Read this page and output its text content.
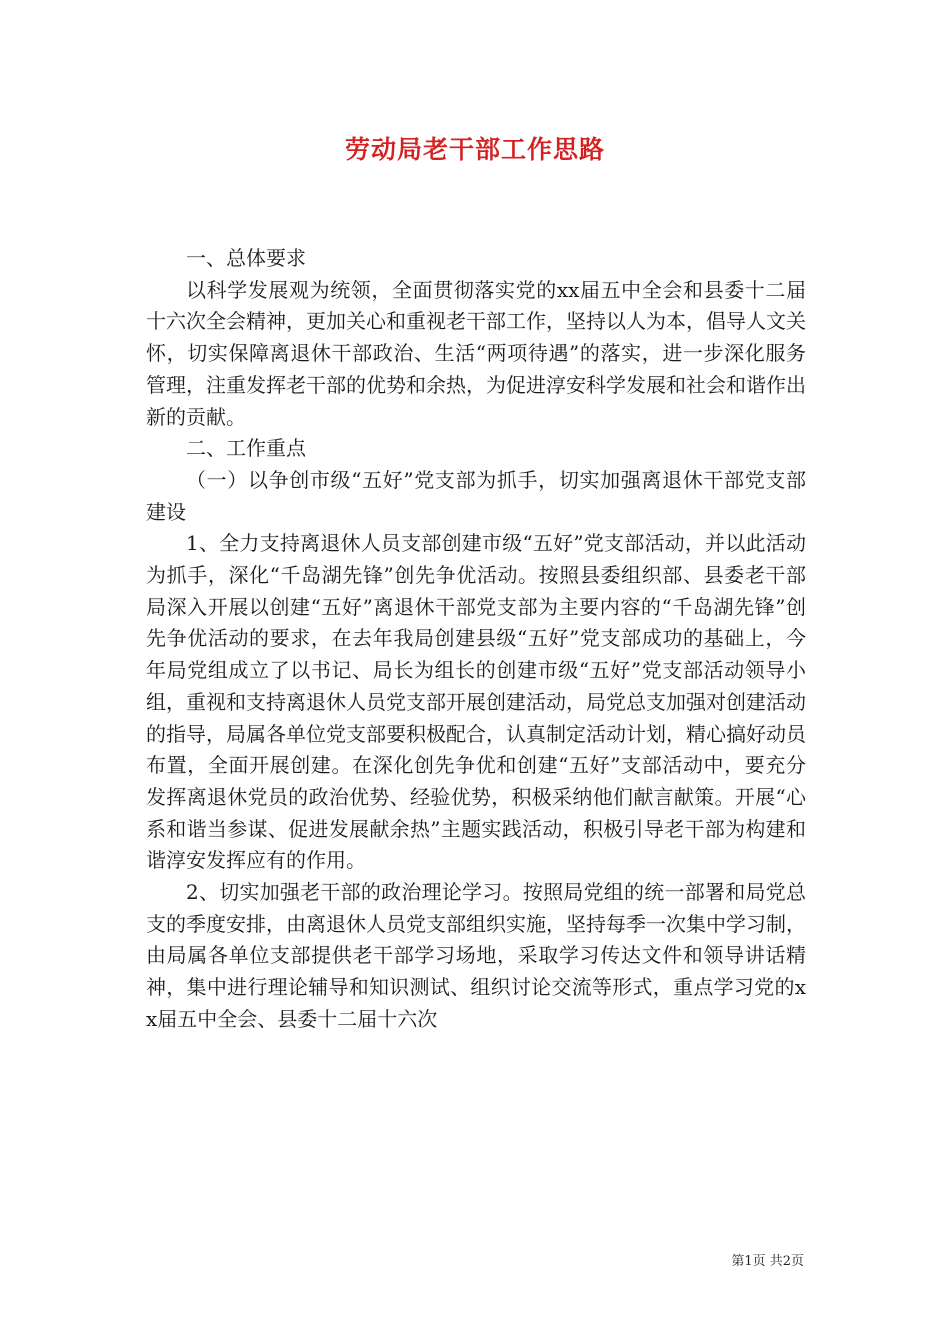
劳动局老干部工作思路

一、总体要求

以科学发展观为统领，全面贯彻落实党的xx届五中全会和县委十二届十六次全会精神，更加关心和重视老干部工作，坚持以人为本，倡导人文关怀，切实保障离退休干部政治、生活“两项待遇”的落实，进一步深化服务管理，注重发挥老干部的优势和余热，为促进淳安科学发展和社会和谐作出新的贡献。

二、工作重点

（一）以争创市级“五好”党支部为抓手，切实加强离退休干部党支部建设

1、全力支持离退休人员支部创建市级“五好”党支部活动，并以此活动为抓手，深化“千岛湖先锋”创先争优活动。按照县委组织部、县委老干部局深入开展以创建“五好”离退休干部党支部为主要内容的“千岛湖先锋”创先争优活动的要求，在去年我局创建县级“五好”党支部成功的基础上，今年局党组成立了以书记、局长为组长的创建市级“五好”党支部活动领导小组，重视和支持离退休人员党支部开展创建活动，局党总支加强对创建活动的指导，局属各单位党支部要积极配合，认真制定活动计划，精心搞好动员布置，全面开展创建。在深化创先争优和创建“五好”支部活动中，要充分发挥离退休党员的政治优势、经验优势，积极采纳他们献言献策。开展“心系和谐当参谋、促进发展献余热”主题实践活动，积极引导老干部为构建和谐淳安发挥应有的作用。

2、切实加强老干部的政治理论学习。按照局党组的统一部署和局党总支的季度安排，由离退休人员党支部组织实施，坚持每季一次集中学习制，由局属各单位支部提供老干部学习场地，采取学习传达文件和领导讲话精神，集中进行理论辅导和知识测试、组织讨论交流等形式，重点学习党的xx届五中全会、县委十二届十六次

第1页 共2页
